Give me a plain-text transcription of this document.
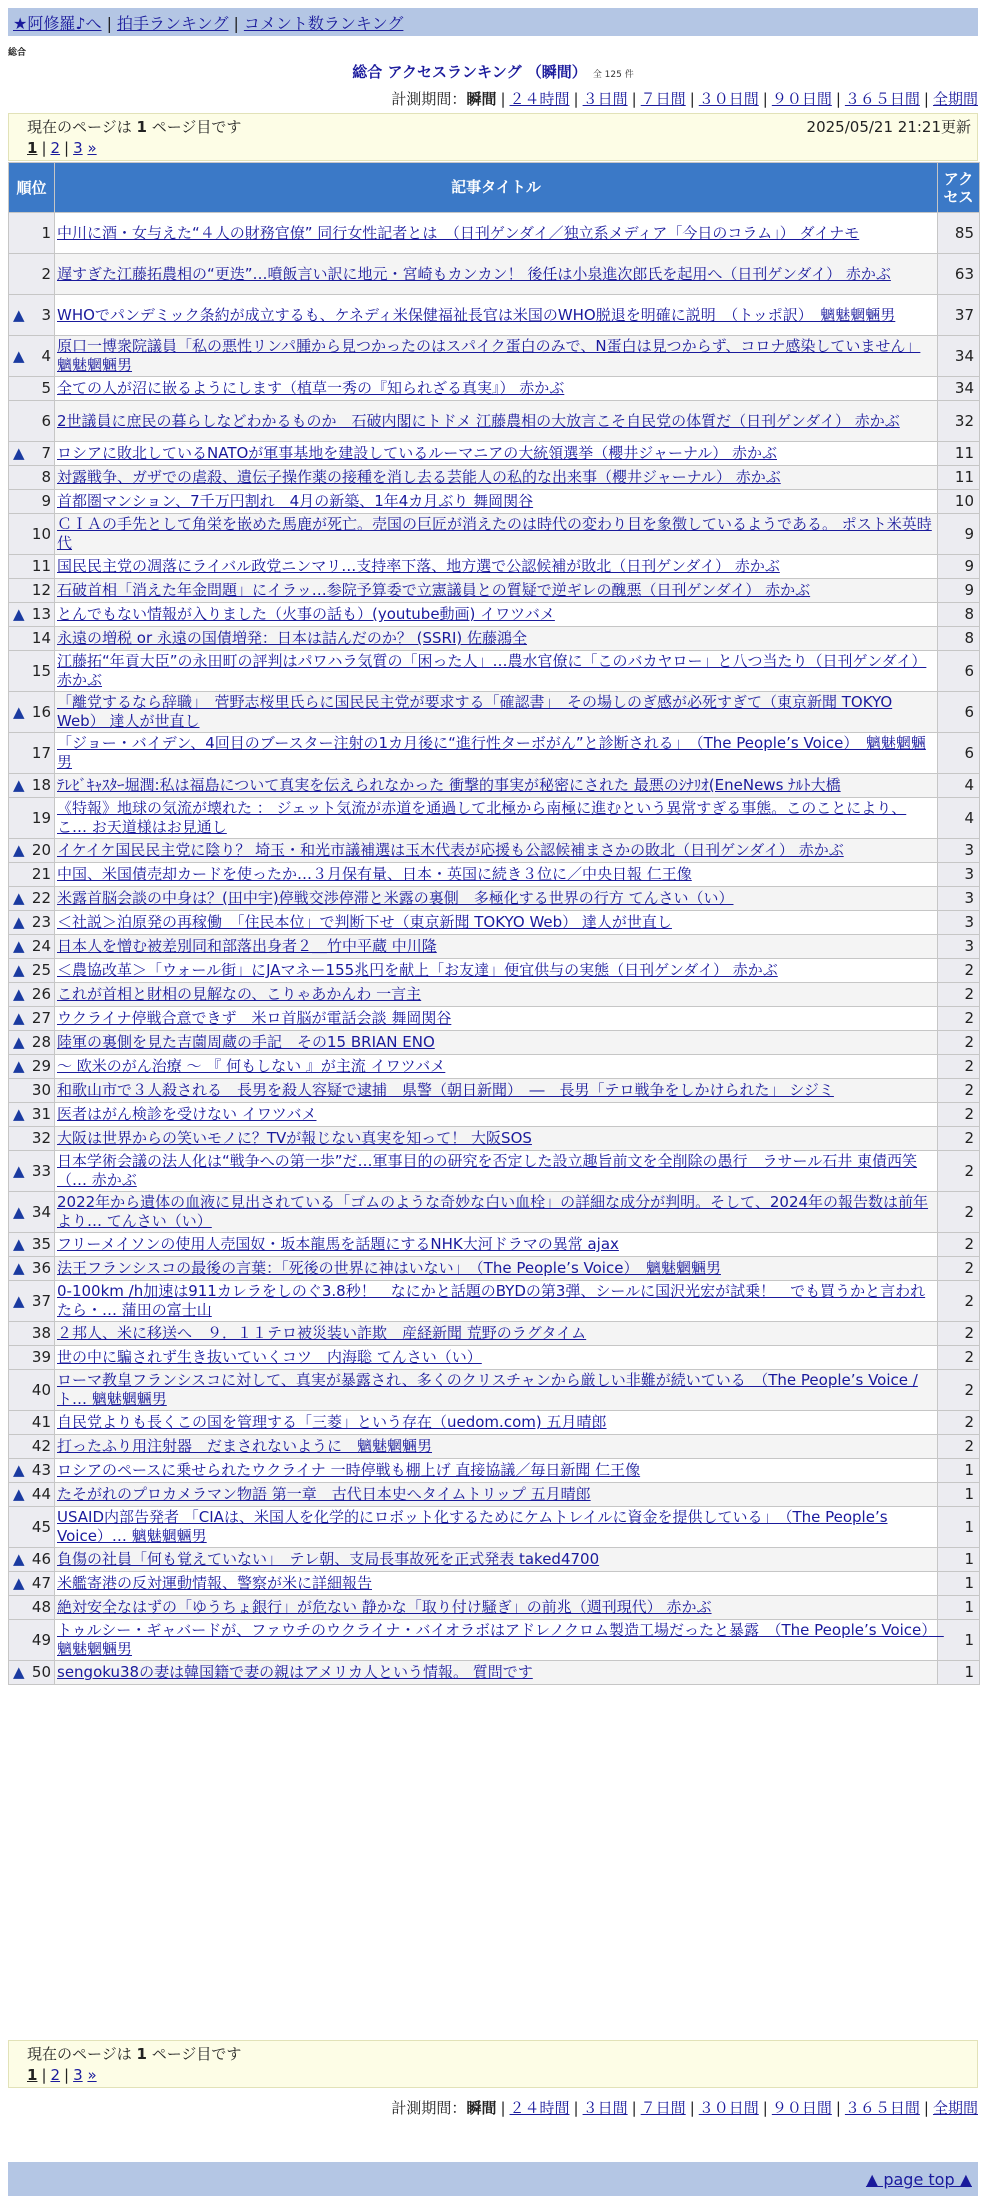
★阿修羅♪へ | 拍手ランキング | コメント数ランキング
総合
総合 アクセスランキング （瞬間） 全 125 件
計測期間：瞬間 | ２４時間 | ３日間 | ７日間 | ３０日間 | ９０日間 | ３６５日間 | 全期間
現在のページは 1 ページ目です	2025/05/21 21:21更新
1 | 2 | 3 »
順位	記事タイトル	アクセス
1	中川に酒・女与えた“４人の財務官僚” 同行女性記者とは　（日刊ゲンダイ／独立系メディア「今日のコラム」） ダイナモ	85
2	遅すぎた江藤拓農相の“更迭”…噴飯言い訳に地元・宮崎もカンカン！ 後任は小泉進次郎氏を起用へ（日刊ゲンダイ） 赤かぶ	63

▲ 3	WHOでパンデミック条約が成立するも、ケネディ米保健福祉長官は米国のWHO脱退を明確に説明　（トッポ訳）　魑魅魍魎男	37

▲ 4	原口一博衆院議員「私の悪性リンパ腫から見つかったのはスパイク蛋白のみで、N蛋白は見つからず、コロナ感染していません」 魑魅魍魎男	34
5	全ての人が沼に嵌るようにします（植草一秀の『知られざる真実』） 赤かぶ	34
6	2世議員に庶民の暮らしなどわかるものか　石破内閣にトドメ 江藤農相の大放言こそ自民党の体質だ（日刊ゲンダイ） 赤かぶ	32

▲ 7	ロシアに敗北しているNATOが軍事基地を建設しているルーマニアの大統領選挙（櫻井ジャーナル） 赤かぶ	11
8	対露戦争、ガザでの虐殺、遺伝子操作薬の接種を消し去る芸能人の私的な出来事（櫻井ジャーナル） 赤かぶ	11
9	首都圏マンション、7千万円割れ　4月の新築、1年4カ月ぶり 舞岡関谷	10
10	ＣＩＡの手先として角栄を嵌めた馬鹿が死亡。売国の巨匠が消えたのは時代の変わり目を象徴しているようである。 ポスト米英時代	9
11	国民民主党の凋落にライバル政党ニンマリ…支持率下落、地方選で公認候補が敗北（日刊ゲンダイ） 赤かぶ	9
12	石破首相「消えた年金問題」にイラッ…参院予算委で立憲議員との質疑で逆ギレの醜悪（日刊ゲンダイ） 赤かぶ	9

▲ 13	とんでもない情報が入りました（火事の話も）(youtube動画) イワツバメ	8
14	永遠の増税 or 永遠の国債増発：日本は詰んだのか？ (SSRI) 佐藤鴻全	8
15	江藤拓“年貢大臣”の永田町の評判はパワハラ気質の「困った人」…農水官僚に「このバカヤロー」と八つ当たり（日刊ゲンダイ） 赤かぶ	6

▲ 16	「離党するなら辞職」　菅野志桜里氏らに国民民主党が要求する「確認書」　その場しのぎ感が必死すぎて（東京新聞 TOKYO Web） 達人が世直し	6
17	「ジョー・バイデン、4回目のブースター注射の1カ月後に“進行性ターボがん”と診断される」　（The People’s Voice）　魑魅魍魎男	6

▲ 18	ﾃﾚﾋﾞｷｬｽﾀｰ堀潤:私は福島について真実を伝えられなかった 衝撃的事実が秘密にされた 最悪のｼﾅﾘｵ(EneNews ﾅﾙﾄ大橋	4
19	《特報》地球の気流が壊れた ： ジェット気流が赤道を通過して北極から南極に進むという異常すぎる事態。このことにより、こ… お天道様はお見通し	4

▲ 20	イケイケ国民民主党に陰り？ 埼玉・和光市議補選は玉木代表が応援も公認候補まさかの敗北（日刊ゲンダイ） 赤かぶ	3
21	中国、米国債売却カードを使ったか…３月保有量、日本・英国に続き３位に／中央日報 仁王像	3

▲ 22	米露首脳会談の中身は？(田中宇)停戦交渉停滞と米露の裏側　多極化する世界の行方 てんさい（い）	3

▲ 23	＜社説＞泊原発の再稼働　「住民本位」で判断下せ（東京新聞 TOKYO Web） 達人が世直し	3

▲ 24	日本人を憎む被差別同和部落出身者２＿竹中平蔵 中川隆	3

▲ 25	＜農協改革＞「ウォール街」にJAマネー155兆円を献上「お友達」便宜供与の実態（日刊ゲンダイ） 赤かぶ	2

▲ 26	これが首相と財相の見解なの、こりゃあかんわ 一言主	2

▲ 27	ウクライナ停戦合意できず　米ロ首脳が電話会談 舞岡関谷	2

▲ 28	陸軍の裏側を見た吉薗周蔵の手記　その15 BRIAN ENO	2

▲ 29	～ 欧米のがん治療 ～ 『 何もしない 』が主流 イワツバメ	2
30	和歌山市で３人殺される　長男を殺人容疑で逮捕　県警（朝日新聞）　―　長男「テロ戦争をしかけられた」 シジミ	2

▲ 31	医者はがん検診を受けない イワツバメ	2
32	大阪は世界からの笑いモノに？TVが報じない真実を知って！ 大阪SOS	2

▲ 33	日本学術会議の法人化は“戦争への第一歩”だ…軍事目的の研究を否定した設立趣旨前文を全削除の愚行　ラサール石井 東債西笑（… 赤かぶ	2

▲ 34	2022年から遺体の血液に見出されている「ゴムのような奇妙な白い血栓」の詳細な成分が判明。そして、2024年の報告数は前年より… てんさい（い）	2

▲ 35	フリーメイソンの使用人売国奴・坂本龍馬を話題にするNHK大河ドラマの異常 ajax	2

▲ 36	法王フランシスコの最後の言葉：「死後の世界に神はいない」　（The People’s Voice）　魑魅魍魎男	2

▲ 37	0-100km /h加速は911カレラをしのぐ3.8秒！　なにかと話題のBYDの第3弾、シールに国沢光宏が試乗！　でも買うかと言われたら・… 蒲田の富士山	2
38	２邦人、米に移送へ　９．１１テロ被災装い詐欺　産経新聞 荒野のラグタイム	2
39	世の中に騙されず生き抜いていくコツ　内海聡 てんさい（い）	2
40	ローマ教皇フランシスコに対して、真実が暴露され、多くのクリスチャンから厳しい非難が続いている　（The People’s Voice / ト… 魑魅魍魎男	2
41	自民党よりも長くこの国を管理する「三菱」という存在（uedom.com) 五月晴郎	2
42	打ったふり用注射器　だまされないように　魑魅魍魎男	2

▲ 43	ロシアのペースに乗せられたウクライナ 一時停戦も棚上げ 直接協議／毎日新聞 仁王像	1

▲ 44	たそがれのプロカメラマン物語 第一章　古代日本史へタイムトリップ 五月晴郎	1
45	USAID内部告発者 「CIAは、米国人を化学的にロボット化するためにケムトレイルに資金を提供している」　（The People’s Voice）… 魑魅魍魎男	1

▲ 46	負傷の社員「何も覚えていない」　テレ朝、支局長事故死を正式発表 taked4700	1

▲ 47	米艦寄港の反対運動情報、警察が米に詳細報告	1
48	絶対安全なはずの「ゆうちょ銀行」が危ない 静かな「取り付け騒ぎ」の前兆（週刊現代） 赤かぶ	1
49	トゥルシー・ギャバードが、ファウチのウクライナ・バイオラボはアドレノクロム製造工場だったと暴露　（The People’s Voice）　魑魅魍魎男	1

▲ 50	sengoku38の妻は韓国籍で妻の親はアメリカ人という情報。 質問です	1
現在のページは 1 ページ目です
1 | 2 | 3 »
計測期間：瞬間 | ２４時間 | ３日間 | ７日間 | ３０日間 | ９０日間 | ３６５日間 | 全期間
▲ page top ▲
